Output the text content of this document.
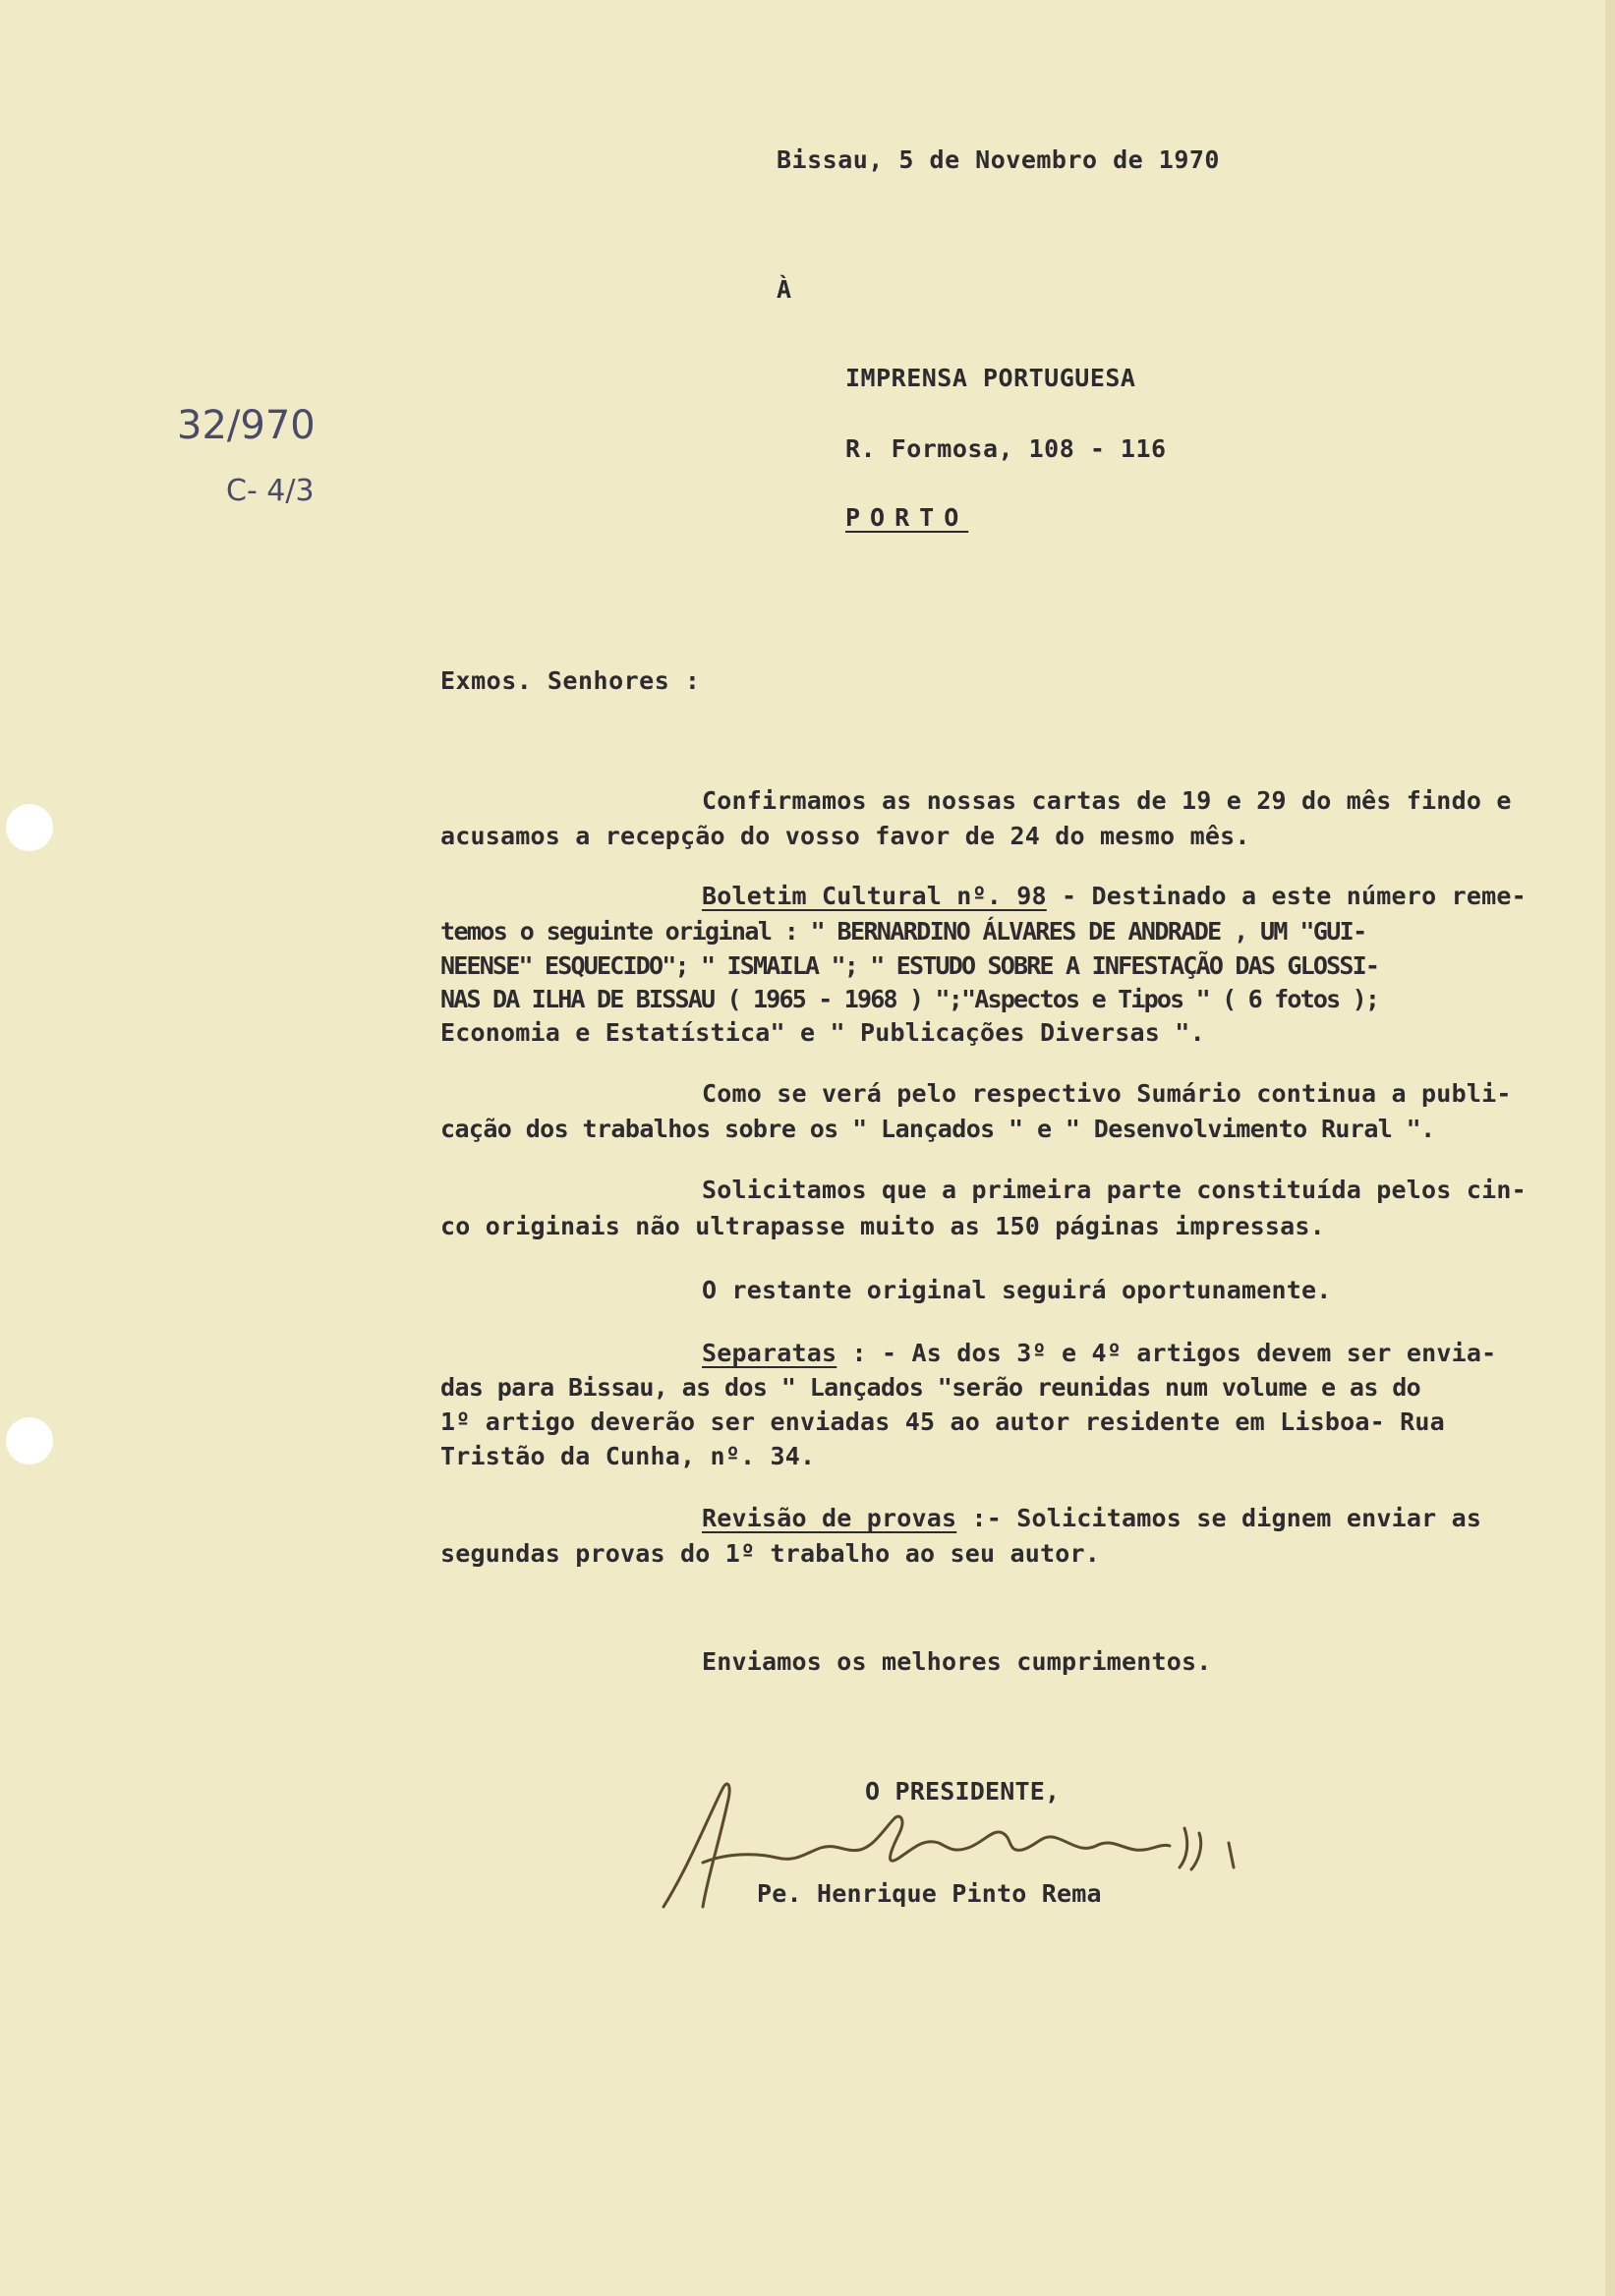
Bissau, 5 de Novembro de 1970
À
IMPRENSA PORTUGUESA
R. Formosa, 108 - 116
PORTO
32/970
C- 4/3
Exmos. Senhores :
Confirmamos as nossas cartas de 19 e 29 do mês findo e
acusamos a recepção do vosso favor de 24 do mesmo mês.
Boletim Cultural nº. 98 - Destinado a este número reme-
temos o seguinte original : " BERNARDINO ÁLVARES DE ANDRADE , UM "GUI-
NEENSE" ESQUECIDO"; " ISMAILA "; " ESTUDO SOBRE A INFESTAÇÃO DAS GLOSSI-
NAS DA ILHA DE BISSAU ( 1965 - 1968 ) ";"Aspectos e Tipos " ( 6 fotos );
Economia e Estatística" e " Publicações Diversas ".
Como se verá pelo respectivo Sumário continua a publi-
cação dos trabalhos sobre os " Lançados " e " Desenvolvimento Rural ".
Solicitamos que a primeira parte constituída pelos cin-
co originais não ultrapasse muito as 150 páginas impressas.
O restante original seguirá oportunamente.
Separatas : - As dos 3º e 4º artigos devem ser envia-
das para Bissau, as dos " Lançados "serão reunidas num volume e as do
1º artigo deverão ser enviadas 45 ao autor residente em Lisboa- Rua
Tristão da Cunha, nº. 34.
Revisão de provas :- Solicitamos se dignem enviar as
segundas provas do 1º trabalho ao seu autor.
Enviamos os melhores cumprimentos.
O PRESIDENTE,
Pe. Henrique Pinto Rema
